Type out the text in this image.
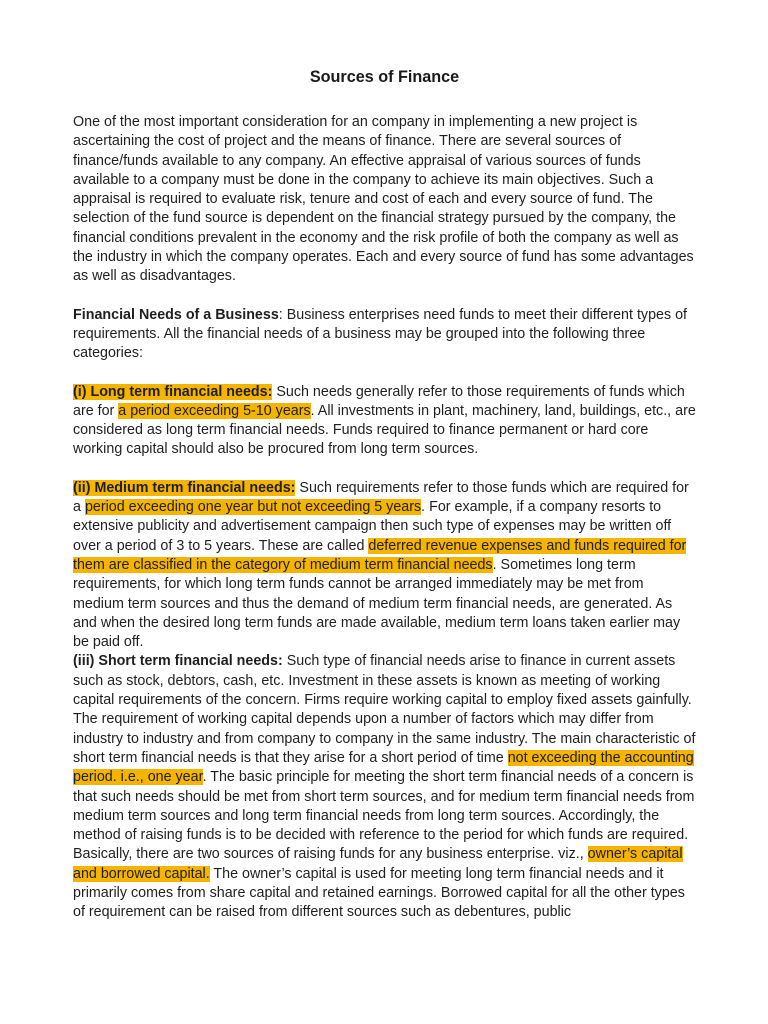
Sources of Finance

One of the most important consideration for an company in implementing a new project is ascertaining the cost of project and the means of finance. There are several sources of finance/funds available to any company. An effective appraisal of various sources of funds available to a company must be done in the company to achieve its main objectives. Such a appraisal is required to evaluate risk, tenure and cost of each and every source of fund. The selection of the fund source is dependent on the financial strategy pursued by the company, the financial conditions prevalent in the economy and the risk profile of both the company as well as the industry in which the company operates. Each and every source of fund has some advantages as well as disadvantages.

Financial Needs of a Business: Business enterprises need funds to meet their different types of requirements. All the financial needs of a business may be grouped into the following three categories:

(i) Long term financial needs: Such needs generally refer to those requirements of funds which are for a period exceeding 5-10 years. All investments in plant, machinery, land, buildings, etc., are considered as long term financial needs. Funds required to finance permanent or hard core working capital should also be procured from long term sources.

(ii) Medium term financial needs: Such requirements refer to those funds which are required for a period exceeding one year but not exceeding 5 years. For example, if a company resorts to extensive publicity and advertisement campaign then such type of expenses may be written off over a period of 3 to 5 years. These are called deferred revenue expenses and funds required for them are classified in the category of medium term financial needs. Sometimes long term requirements, for which long term funds cannot be arranged immediately may be met from medium term sources and thus the demand of medium term financial needs, are generated. As and when the desired long term funds are made available, medium term loans taken earlier may be paid off.

(iii) Short term financial needs: Such type of financial needs arise to finance in current assets such as stock, debtors, cash, etc. Investment in these assets is known as meeting of working capital requirements of the concern. Firms require working capital to employ fixed assets gainfully. The requirement of working capital depends upon a number of factors which may differ from industry to industry and from company to company in the same industry. The main characteristic of short term financial needs is that they arise for a short period of time not exceeding the accounting period. i.e., one year. The basic principle for meeting the short term financial needs of a concern is that such needs should be met from short term sources, and for medium term financial needs from medium term sources and long term financial needs from long term sources. Accordingly, the method of raising funds is to be decided with reference to the period for which funds are required. Basically, there are two sources of raising funds for any business enterprise. viz., owner’s capital and borrowed capital. The owner’s capital is used for meeting long term financial needs and it primarily comes from share capital and retained earnings. Borrowed capital for all the other types of requirement can be raised from different sources such as debentures, public
